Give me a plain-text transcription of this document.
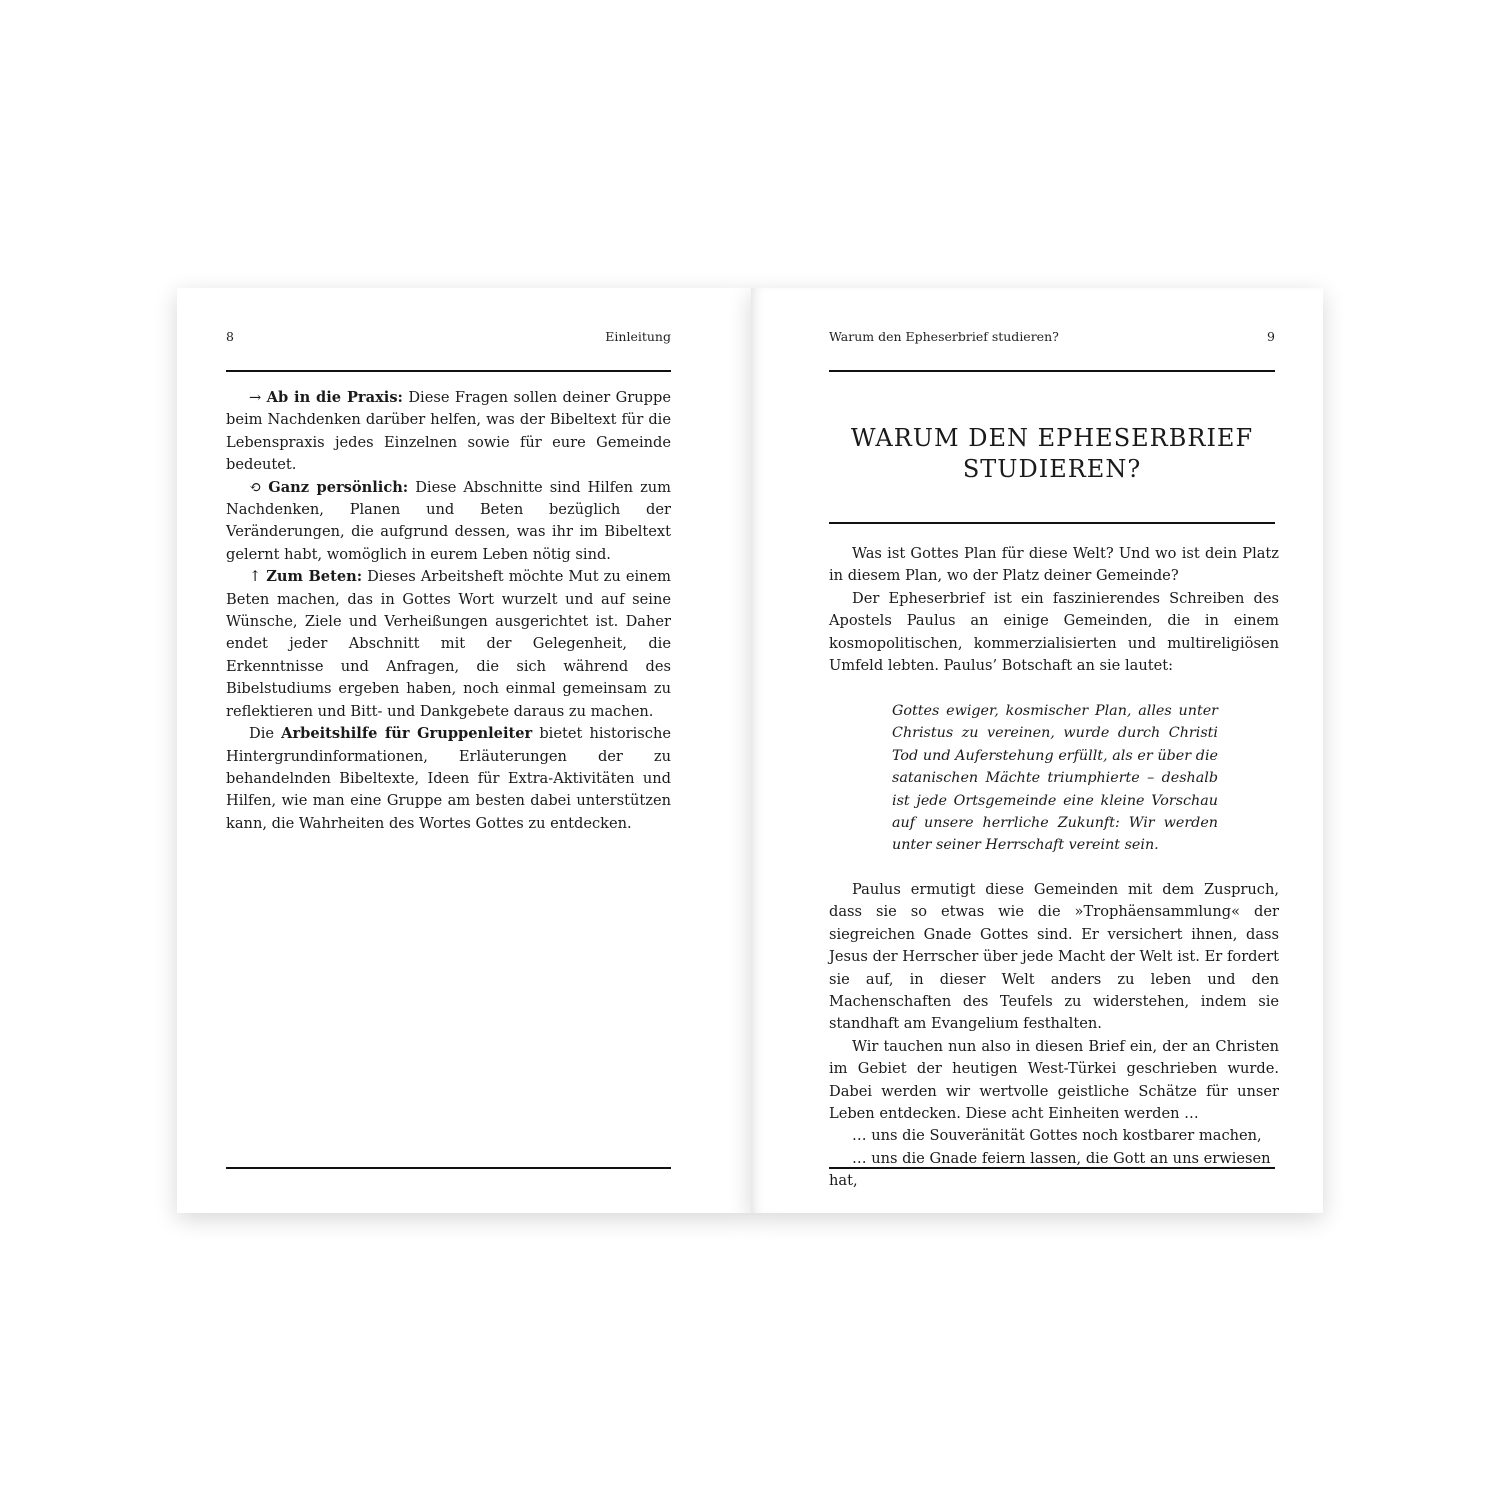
8	Einleitung

→ Ab in die Praxis: Diese Fragen sollen deiner Gruppe beim Nachdenken darüber helfen, was der Bibeltext für die Lebenspraxis jedes Einzelnen sowie für eure Gemeinde bedeutet.

⟲ Ganz persönlich: Diese Abschnitte sind Hilfen zum Nachdenken, Planen und Beten bezüglich der Veränderungen, die aufgrund dessen, was ihr im Bibeltext gelernt habt, womöglich in eurem Leben nötig sind.

↑ Zum Beten: Dieses Arbeitsheft möchte Mut zu einem Beten machen, das in Gottes Wort wurzelt und auf seine Wünsche, Ziele und Verheißungen ausgerichtet ist. Daher endet jeder Abschnitt mit der Gelegenheit, die Erkenntnisse und Anfragen, die sich während des Bibelstudiums ergeben haben, noch einmal gemeinsam zu reflektieren und Bitt- und Dankgebete daraus zu machen.

Die Arbeitshilfe für Gruppenleiter bietet historische Hintergrundinformationen, Erläuterungen der zu behandelnden Bibeltexte, Ideen für Extra-Aktivitäten und Hilfen, wie man eine Gruppe am besten dabei unterstützen kann, die Wahrheiten des Wortes Gottes zu entdecken.

Warum den Epheserbrief studieren?	9
WARUM DEN EPHESERBRIEF
STUDIEREN?

Was ist Gottes Plan für diese Welt? Und wo ist dein Platz in diesem Plan, wo der Platz deiner Gemeinde?

Der Epheserbrief ist ein faszinierendes Schreiben des Apostels Paulus an einige Gemeinden, die in einem kosmopolitischen, kommerzialisierten und multireligiösen Umfeld lebten. Paulus’ Botschaft an sie lautet:

Gottes ewiger, kosmischer Plan, alles unter Christus zu vereinen, wurde durch Christi Tod und Auferstehung erfüllt, als er über die satanischen Mächte triumphierte – deshalb ist jede Ortsgemeinde eine kleine Vorschau auf unsere herrliche Zukunft: Wir werden unter seiner Herrschaft vereint sein.

Paulus ermutigt diese Gemeinden mit dem Zuspruch, dass sie so etwas wie die »Trophäensammlung« der siegreichen Gnade Gottes sind. Er versichert ihnen, dass Jesus der Herrscher über jede Macht der Welt ist. Er fordert sie auf, in dieser Welt anders zu leben und den Machenschaften des Teufels zu widerstehen, indem sie standhaft am Evangelium festhalten.

Wir tauchen nun also in diesen Brief ein, der an Christen im Gebiet der heutigen West-Türkei geschrieben wurde. Dabei werden wir wertvolle geistliche Schätze für unser Leben entdecken. Diese acht Einheiten werden …

… uns die Souveränität Gottes noch kostbarer machen,

… uns die Gnade feiern lassen, die Gott an uns erwiesen hat,
